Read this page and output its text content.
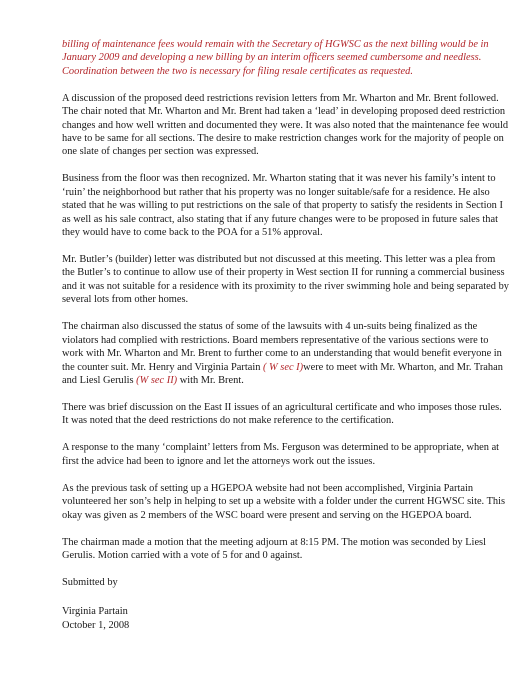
billing of maintenance fees would remain with the Secretary of HGWSC as the next billing would be in January 2009 and developing a new billing by an interim officers seemed cumbersome and needless. Coordination between the two is necessary for filing resale certificates as requested.

A discussion of the proposed deed restrictions revision letters from Mr. Wharton and Mr. Brent followed. The chair noted that Mr. Wharton and Mr. Brent had taken a ‘lead’ in developing proposed deed restriction changes and how well written and documented they were. It was also noted that the maintenance fee would have to be same for all sections. The desire to make restriction changes work for the majority of people on one slate of changes per section was expressed.

Business from the floor was then recognized. Mr. Wharton stating that it was never his family’s intent to ‘ruin’ the neighborhood but rather that his property was no longer suitable/safe for a residence. He also stated that he was willing to put restrictions on the sale of that property to satisfy the residents in Section I as well as his sale contract, also stating that if any future changes were to be proposed in future sales that they would have to come back to the POA for a 51% approval.

Mr. Butler’s (builder) letter was distributed but not discussed at this meeting. This letter was a plea from the Butler’s to continue to allow use of their property in West section II for running a commercial business and it was not suitable for a residence with its proximity to the river swimming hole and being separated by several lots from other homes.

The chairman also discussed the status of some of the lawsuits with 4 un-suits being finalized as the violators had complied with restrictions. Board members representative of the various sections were to work with Mr. Wharton and Mr. Brent to further come to an understanding that would benefit everyone in the counter suit. Mr. Henry and Virginia Partain ( W sec I)were to meet with Mr. Wharton, and Mr. Trahan and Liesl Gerulis (W sec II) with Mr. Brent.

There was brief discussion on the East II issues of an agricultural certificate and who imposes those rules. It was noted that the deed restrictions do not make reference to the certification.

A response to the many ‘complaint’ letters from Ms. Ferguson was determined to be appropriate, when at first the advice had been to ignore and let the attorneys work out the issues.

As the previous task of setting up a HGEPOA website had not been accomplished, Virginia Partain volunteered her son’s help in helping to set up a website with a folder under the current HGWSC site. This okay was given as 2 members of the WSC board were present and serving on the HGEPOA board.

The chairman made a motion that the meeting adjourn at 8:15 PM. The motion was seconded by Liesl Gerulis. Motion carried with a vote of 5 for and 0 against.

Submitted by

Virginia Partain

October 1, 2008
